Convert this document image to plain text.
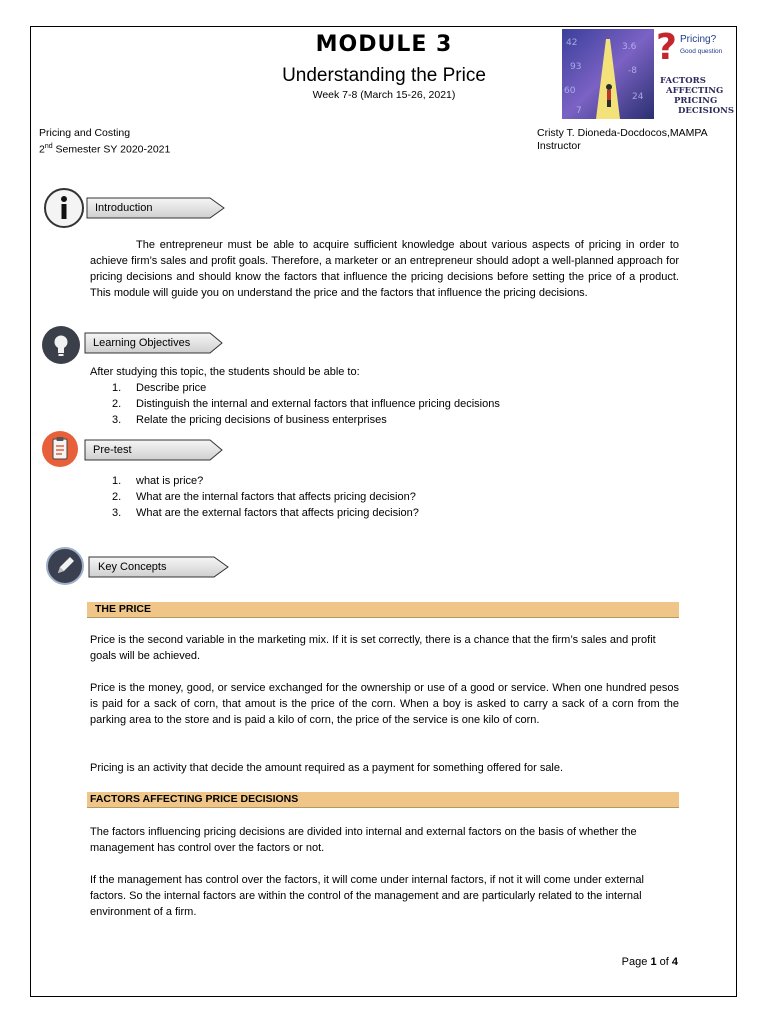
MODULE 3
Understanding the Price
Week 7-8 (March 15-26, 2021)
Pricing and Costing
2nd Semester SY 2020-2021
Cristy T. Dioneda-Docdocos,MAMPA
Instructor
42	3.6
93	-8
60
24
7
? Pricing?
Good question
FACTORS
AFFECTING
PRICING
DECISIONS
Introduction
The entrepreneur must be able to acquire sufficient knowledge about various aspects of pricing in order to achieve firm’s sales and profit goals. Therefore, a marketer or an entrepreneur should adopt a well-planned approach for pricing decisions and should know the factors that influence the pricing decisions before setting the price of a product. This module will guide you on understand the price and the factors that influence the pricing decisions.
Learning Objectives
After studying this topic, the students should be able to:
1. Describe price
2. Distinguish the internal and external factors that influence pricing decisions
3. Relate the pricing decisions of business enterprises
Pre-test
1. what is price?
2. What are the internal factors that affects pricing decision?
3. What are the external factors that affects pricing decision?
Key Concepts
THE PRICE
Price is the second variable in the marketing mix. If it is set correctly, there is a chance that the firm’s sales and profit goals will be achieved.
Price is the money, good, or service exchanged for the ownership or use of a good or service. When one hundred pesos is paid for a sack of corn, that amout is the price of the corn. When a boy is asked to carry a sack of a corn from the parking area to the store and is paid a kilo of corn, the price of the service is one kilo of corn.
Pricing is an activity that decide the amount required as a payment for something offered for sale.
FACTORS AFFECTING PRICE DECISIONS
The factors influencing pricing decisions are divided into internal and external factors on the basis of whether the management has control over the factors or not.
If the management has control over the factors, it will come under internal factors, if not it will come under external factors. So the internal factors are within the control of the management and are particularly related to the internal environment of a firm.
Page 1 of 4
